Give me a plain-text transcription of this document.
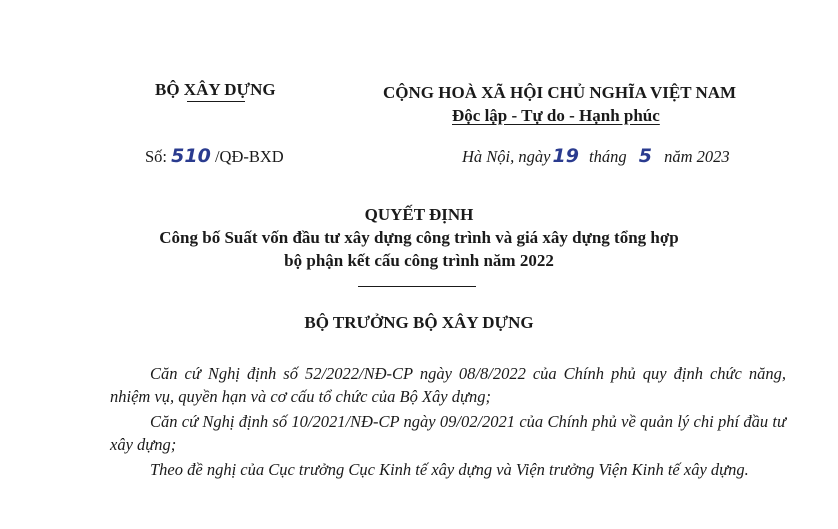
BỘ XÂY DỰNG	CỘNG HOÀ XÃ HỘI CHỦ NGHĨA VIỆT NAM
Độc lập - Tự do - Hạnh phúc
Số: 510 /QĐ-BXD	Hà Nội, ngày 19 tháng 5 năm 2023
QUYẾT ĐỊNH
Công bố Suất vốn đầu tư xây dựng công trình và giá xây dựng tổng hợp
bộ phận kết cấu công trình năm 2022
BỘ TRƯỞNG BỘ XÂY DỰNG
Căn cứ Nghị định số 52/2022/NĐ-CP ngày 08/8/2022 của Chính phủ quy định chức năng, nhiệm vụ, quyền hạn và cơ cấu tổ chức của Bộ Xây dựng;
Căn cứ Nghị định số 10/2021/NĐ-CP ngày 09/02/2021 của Chính phủ về quản lý chi phí đầu tư xây dựng;
Theo đề nghị của Cục trưởng Cục Kinh tế xây dựng và Viện trưởng Viện Kinh tế xây dựng.
